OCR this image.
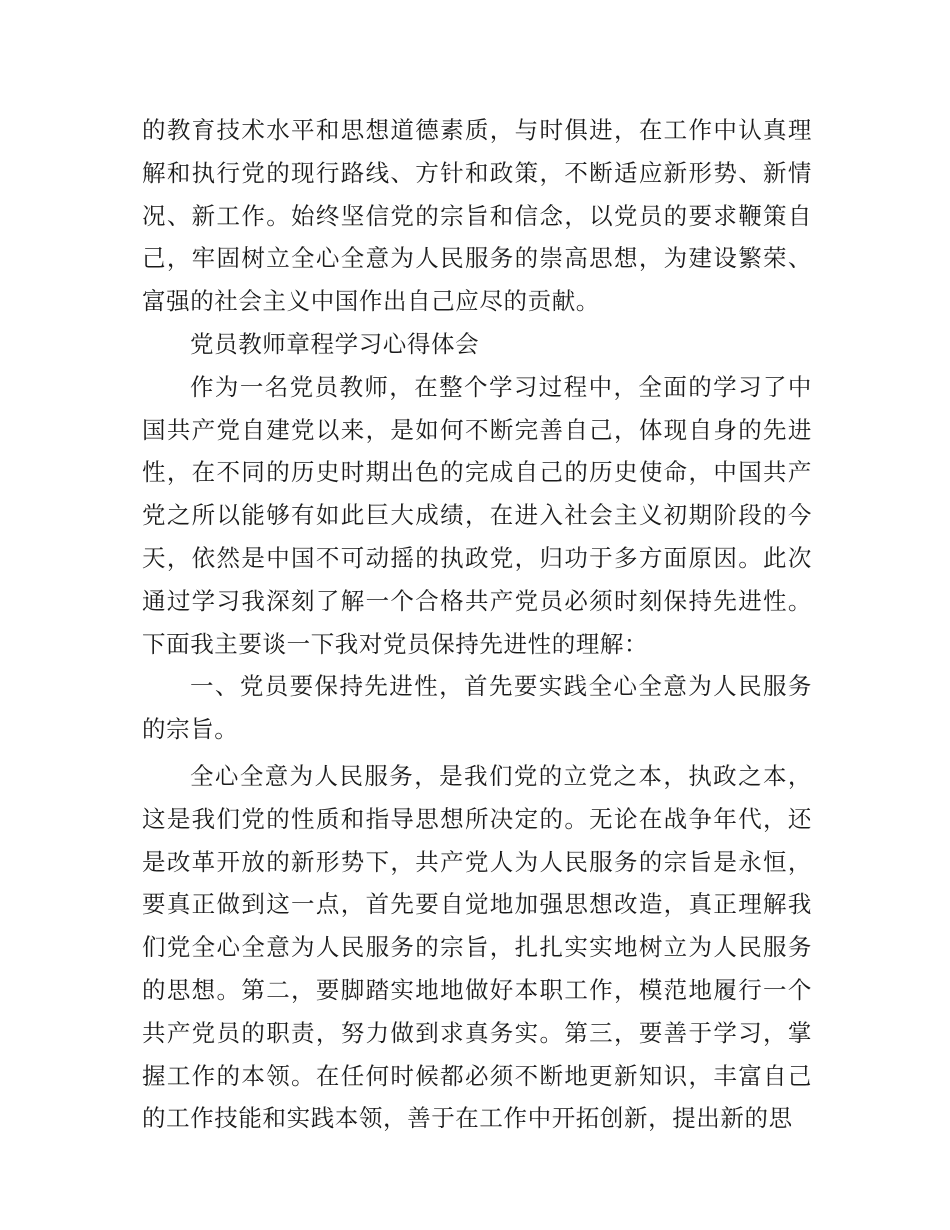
的教育技术水平和思想道德素质，与时俱进，在工作中认真理解和执行党的现行路线、方针和政策，不断适应新形势、新情况、新工作。始终坚信党的宗旨和信念，以党员的要求鞭策自己，牢固树立全心全意为人民服务的崇高思想，为建设繁荣、富强的社会主义中国作出自己应尽的贡献。

党员教师章程学习心得体会

作为一名党员教师，在整个学习过程中，全面的学习了中国共产党自建党以来，是如何不断完善自己，体现自身的先进性，在不同的历史时期出色的完成自己的历史使命，中国共产党之所以能够有如此巨大成绩，在进入社会主义初期阶段的今天，依然是中国不可动摇的执政党，归功于多方面原因。此次通过学习我深刻了解一个合格共产党员必须时刻保持先进性。下面我主要谈一下我对党员保持先进性的理解：

一、党员要保持先进性，首先要实践全心全意为人民服务的宗旨。

全心全意为人民服务，是我们党的立党之本，执政之本，这是我们党的性质和指导思想所决定的。无论在战争年代，还是改革开放的新形势下，共产党人为人民服务的宗旨是永恒，要真正做到这一点，首先要自觉地加强思想改造，真正理解我们党全心全意为人民服务的宗旨，扎扎实实地树立为人民服务的思想。第二，要脚踏实地地做好本职工作，模范地履行一个共产党员的职责，努力做到求真务实。第三，要善于学习，掌握工作的本领。在任何时候都必须不断地更新知识，丰富自己的工作技能和实践本领，善于在工作中开拓创新，提出新的思
